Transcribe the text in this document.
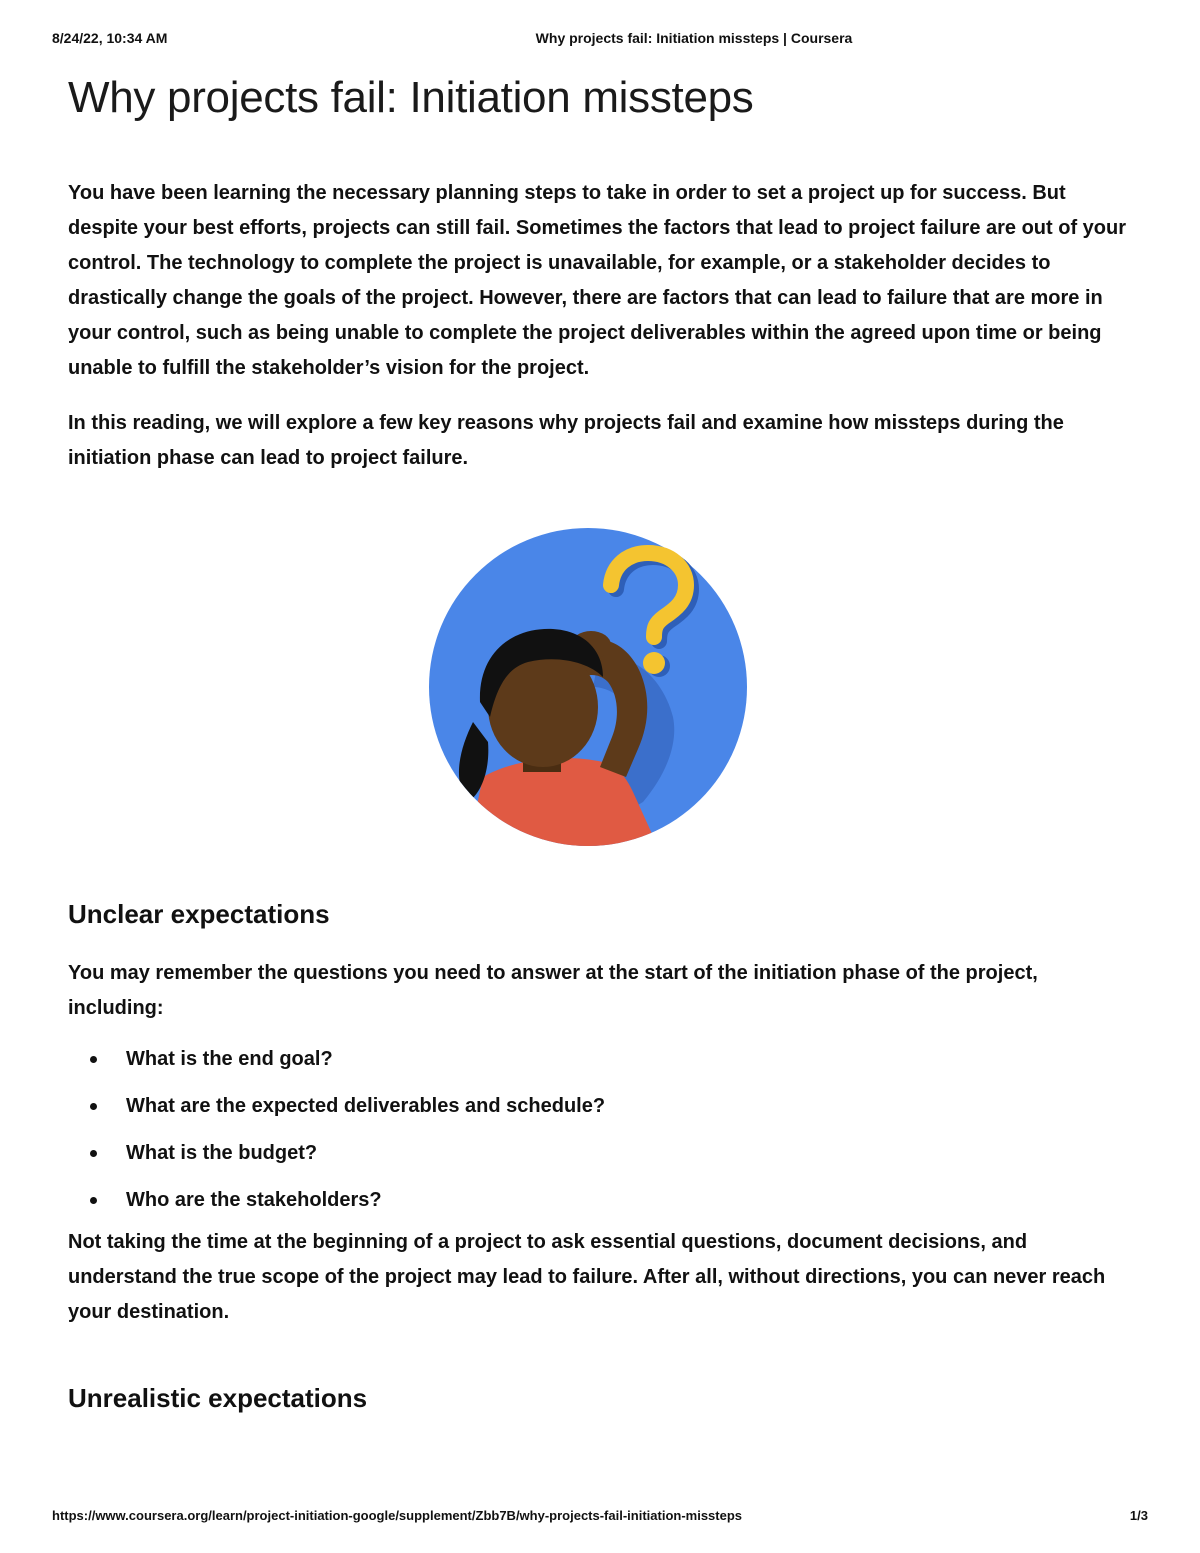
8/24/22, 10:34 AM	Why projects fail: Initiation missteps | Coursera
Why projects fail: Initiation missteps

You have been learning the necessary planning steps to take in order to set a project up for success. But despite your best efforts, projects can still fail. Sometimes the factors that lead to project failure are out of your control. The technology to complete the project is unavailable, for example, or a stakeholder decides to drastically change the goals of the project. However, there are factors that can lead to failure that are more in your control, such as being unable to complete the project deliverables within the agreed upon time or being unable to fulfill the stakeholder’s vision for the project.

In this reading, we will explore a few key reasons why projects fail and examine how missteps during the initiation phase can lead to project failure.

Unclear expectations

You may remember the questions you need to answer at the start of the initiation phase of the project, including:

What is the end goal?
What are the expected deliverables and schedule?
What is the budget?
Who are the stakeholders?

Not taking the time at the beginning of a project to ask essential questions, document decisions, and understand the true scope of the project may lead to failure. After all, without directions, you can never reach your destination.

Unrealistic expectations
https://www.coursera.org/learn/project-initiation-google/supplement/Zbb7B/why-projects-fail-initiation-missteps	1/3
